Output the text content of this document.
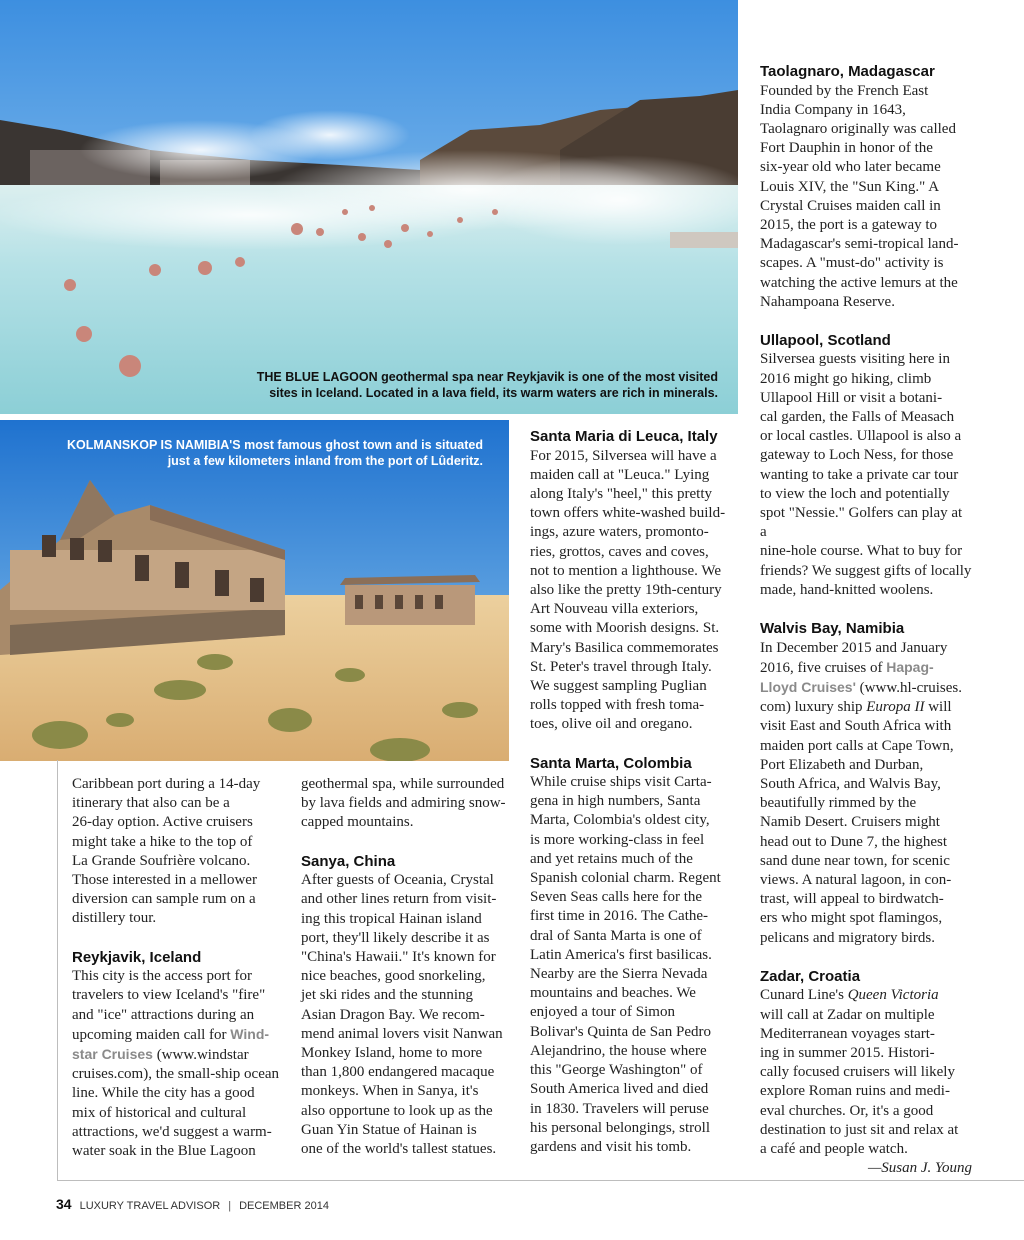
THE BLUE LAGOON geothermal spa near Reykjavik is one of the most visited
sites in Iceland. Located in a lava field, its warm waters are rich in minerals.
KOLMANSKOP IS NAMIBIA'S most famous ghost town and is situated
just a few kilometers inland from the port of Lûderitz.

Caribbean port during a 14-day

itinerary that also can be a

26-day option. Active cruisers

might take a hike to the top of

La Grande Soufrière volcano.

Those interested in a mellower

diversion can sample rum on a

distillery tour.

Reykjavik, Iceland

This city is the access port for

travelers to view Iceland's "fire"

and "ice" attractions during an

upcoming maiden call for Wind-

star Cruises (www.windstar

cruises.com), the small-ship ocean

line. While the city has a good

mix of historical and cultural

attractions, we'd suggest a warm-

water soak in the Blue Lagoon

geothermal spa, while surrounded

by lava fields and admiring snow-

capped mountains.

Sanya, China

After guests of Oceania, Crystal

and other lines return from visit-

ing this tropical Hainan island

port, they'll likely describe it as

"China's Hawaii." It's known for

nice beaches, good snorkeling,

jet ski rides and the stunning

Asian Dragon Bay. We recom-

mend animal lovers visit Nanwan

Monkey Island, home to more

than 1,800 endangered macaque

monkeys. When in Sanya, it's

also opportune to look up as the

Guan Yin Statue of Hainan is

one of the world's tallest statues.

Santa Maria di Leuca, Italy

For 2015, Silversea will have a

maiden call at "Leuca." Lying

along Italy's "heel," this pretty

town offers white-washed build-

ings, azure waters, promonto-

ries, grottos, caves and coves,

not to mention a lighthouse. We

also like the pretty 19th-century

Art Nouveau villa exteriors,

some with Moorish designs. St.

Mary's Basilica commemorates

St. Peter's travel through Italy.

We suggest sampling Puglian

rolls topped with fresh toma-

toes, olive oil and oregano.

Santa Marta, Colombia

While cruise ships visit Carta-

gena in high numbers, Santa

Marta, Colombia's oldest city,

is more working-class in feel

and yet retains much of the

Spanish colonial charm. Regent

Seven Seas calls here for the

first time in 2016. The Cathe-

dral of Santa Marta is one of

Latin America's first basilicas.

Nearby are the Sierra Nevada

mountains and beaches. We

enjoyed a tour of Simon

Bolivar's Quinta de San Pedro

Alejandrino, the house where

this "George Washington" of

South America lived and died

in 1830. Travelers will peruse

his personal belongings, stroll

gardens and visit his tomb.

Taolagnaro, Madagascar

Founded by the French East

India Company in 1643,

Taolagnaro originally was called

Fort Dauphin in honor of the

six-year old who later became

Louis XIV, the "Sun King." A

Crystal Cruises maiden call in

2015, the port is a gateway to

Madagascar's semi-tropical land-

scapes. A "must-do" activity is

watching the active lemurs at the

Nahampoana Reserve.

Ullapool, Scotland

Silversea guests visiting here in

2016 might go hiking, climb

Ullapool Hill or visit a botani-

cal garden, the Falls of Measach

or local castles. Ullapool is also a

gateway to Loch Ness, for those

wanting to take a private car tour

to view the loch and potentially

spot "Nessie." Golfers can play at a

nine-hole course. What to buy for

friends? We suggest gifts of locally

made, hand-knitted woolens.

Walvis Bay, Namibia

In December 2015 and January

2016, five cruises of Hapag-

Lloyd Cruises' (www.hl-cruises.

com) luxury ship Europa II will

visit East and South Africa with

maiden port calls at Cape Town,

Port Elizabeth and Durban,

South Africa, and Walvis Bay,

beautifully rimmed by the

Namib Desert. Cruisers might

head out to Dune 7, the highest

sand dune near town, for scenic

views. A natural lagoon, in con-

trast, will appeal to birdwatch-

ers who might spot flamingos,

pelicans and migratory birds.

Zadar, Croatia

Cunard Line's Queen Victoria

will call at Zadar on multiple

Mediterranean voyages start-

ing in summer 2015. Histori-

cally focused cruisers will likely

explore Roman ruins and medi-

eval churches. Or, it's a good

destination to just sit and relax at

a café and people watch.

—Susan J. Young

34 LUXURY TRAVEL ADVISOR | DECEMBER 2014
